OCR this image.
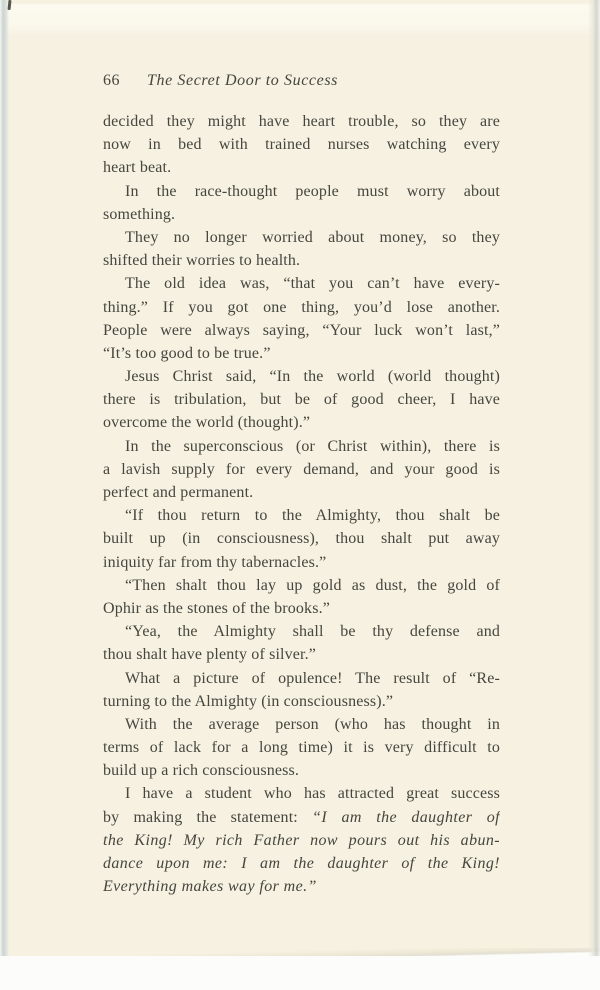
66 The Secret Door to Success
decided they might have heart trouble, so they are
now in bed with trained nurses watching every
heart beat.
In the race-thought people must worry about
something.
They no longer worried about money, so they
shifted their worries to health.
The old idea was, “that you can’t have every-
thing.” If you got one thing, you’d lose another.
People were always saying, “Your luck won’t last,”
“It’s too good to be true.”
Jesus Christ said, “In the world (world thought)
there is tribulation, but be of good cheer, I have
overcome the world (thought).”
In the superconscious (or Christ within), there is
a lavish supply for every demand, and your good is
perfect and permanent.
“If thou return to the Almighty, thou shalt be
built up (in consciousness), thou shalt put away
iniquity far from thy tabernacles.”
“Then shalt thou lay up gold as dust, the gold of
Ophir as the stones of the brooks.”
“Yea, the Almighty shall be thy defense and
thou shalt have plenty of silver.”
What a picture of opulence! The result of “Re-
turning to the Almighty (in consciousness).”
With the average person (who has thought in
terms of lack for a long time) it is very difficult to
build up a rich consciousness.
I have a student who has attracted great success
by making the statement: “I am the daughter of
the King! My rich Father now pours out his abun-
dance upon me: I am the daughter of the King!
Everything makes way for me.”
